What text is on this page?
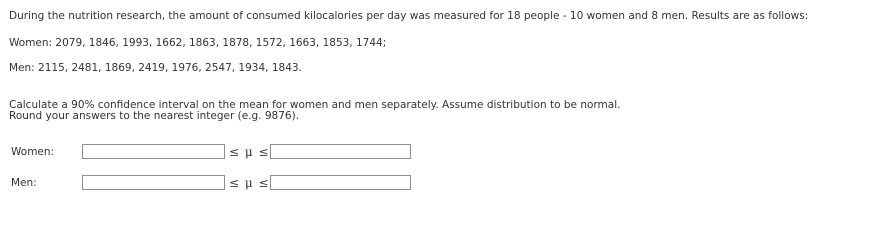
During the nutrition research, the amount of consumed kilocalories per day was measured for 18 people - 10 women and 8 men. Results are as follows:
Women: 2079, 1846, 1993, 1662, 1863, 1878, 1572, 1663, 1853, 1744;
Men: 2115, 2481, 1869, 2419, 1976, 2547, 1934, 1843.
Calculate a 90% confidence interval on the mean for women and men separately. Assume distribution to be normal.
Round your answers to the nearest integer (e.g. 9876).
Women:	≤ μ ≤
Men:	≤ μ ≤
